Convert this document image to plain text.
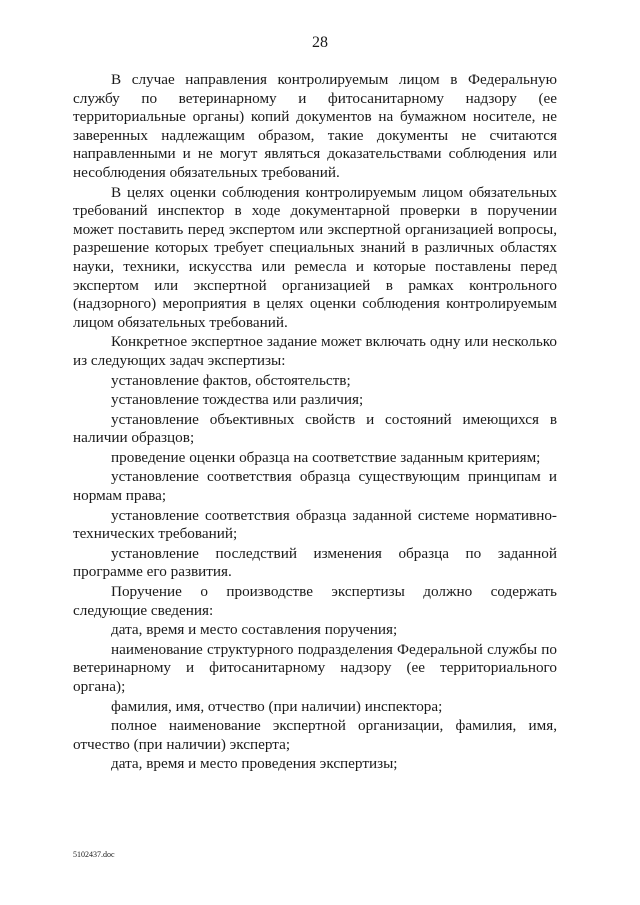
28

В случае направления контролируемым лицом в Федеральную службу по ветеринарному и фитосанитарному надзору (ее территориальные органы) копий документов на бумажном носителе, не заверенных надлежащим образом, такие документы не считаются направленными и не могут являться доказательствами соблюдения или несоблюдения обязательных требований.

В целях оценки соблюдения контролируемым лицом обязательных требований инспектор в ходе документарной проверки в поручении может поставить перед экспертом или экспертной организацией вопросы, разрешение которых требует специальных знаний в различных областях науки, техники, искусства или ремесла и которые поставлены перед экспертом или экспертной организацией в рамках контрольного (надзорного) мероприятия в целях оценки соблюдения контролируемым лицом обязательных требований.

Конкретное экспертное задание может включать одну или несколько из следующих задач экспертизы:

установление фактов, обстоятельств;

установление тождества или различия;

установление объективных свойств и состояний имеющихся в наличии образцов;

проведение оценки образца на соответствие заданным критериям;

установление соответствия образца существующим принципам и нормам права;

установление соответствия образца заданной системе нормативно-технических требований;

установление последствий изменения образца по заданной программе его развития.

Поручение о производстве экспертизы должно содержать следующие сведения:

дата, время и место составления поручения;

наименование структурного подразделения Федеральной службы по ветеринарному и фитосанитарному надзору (ее территориального органа);

фамилия, имя, отчество (при наличии) инспектора;

полное наименование экспертной организации, фамилия, имя, отчество (при наличии) эксперта;

дата, время и место проведения экспертизы;

5102437.doc
